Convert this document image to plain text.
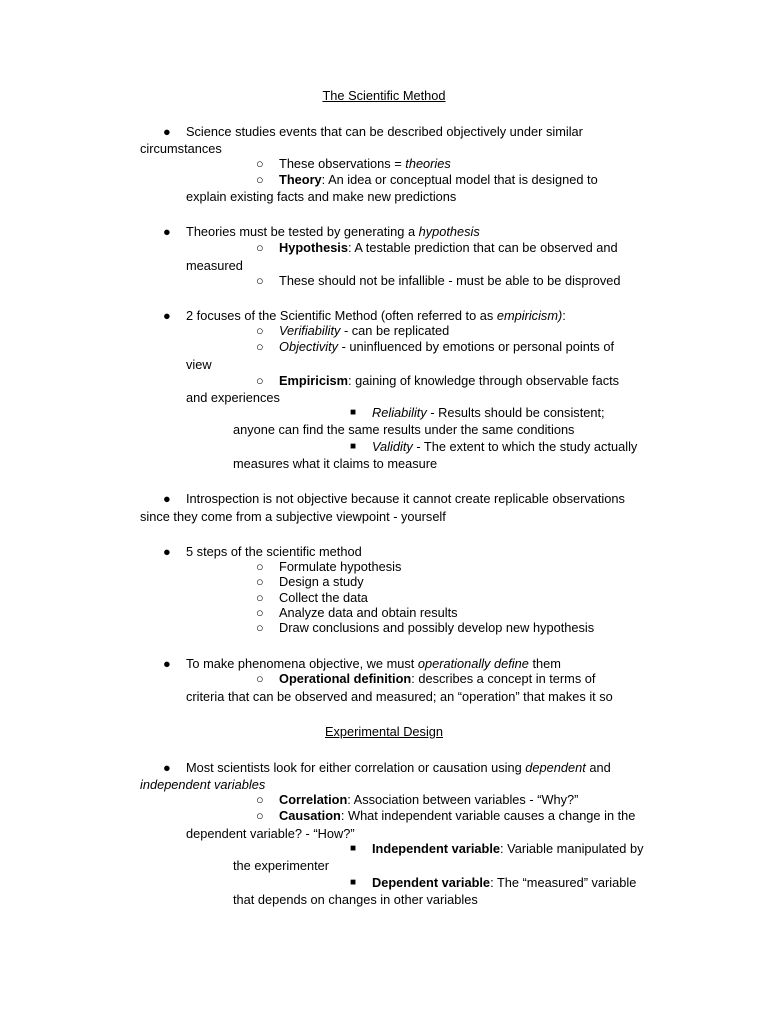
The Scientific Method
● Science studies events that can be described objectively under similar
circumstances
○ These observations = theories
○ Theory: An idea or conceptual model that is designed to
explain existing facts and make new predictions
● Theories must be tested by generating a hypothesis
○ Hypothesis: A testable prediction that can be observed and
measured
○ These should not be infallible - must be able to be disproved
● 2 focuses of the Scientific Method (often referred to as empiricism):
○ Verifiability - can be replicated
○ Objectivity - uninfluenced by emotions or personal points of
view
○ Empiricism: gaining of knowledge through observable facts
and experiences
■ Reliability - Results should be consistent;
anyone can find the same results under the same conditions
■ Validity - The extent to which the study actually
measures what it claims to measure
● Introspection is not objective because it cannot create replicable observations
since they come from a subjective viewpoint - yourself
● 5 steps of the scientific method
○ Formulate hypothesis
○ Design a study
○ Collect the data
○ Analyze data and obtain results
○ Draw conclusions and possibly develop new hypothesis
● To make phenomena objective, we must operationally define them
○ Operational definition: describes a concept in terms of
criteria that can be observed and measured; an “operation” that makes it so
Experimental Design
● Most scientists look for either correlation or causation using dependent and
independent variables
○ Correlation: Association between variables - “Why?”
○ Causation: What independent variable causes a change in the
dependent variable? - “How?”
■ Independent variable: Variable manipulated by
the experimenter
■ Dependent variable: The “measured” variable
that depends on changes in other variables
